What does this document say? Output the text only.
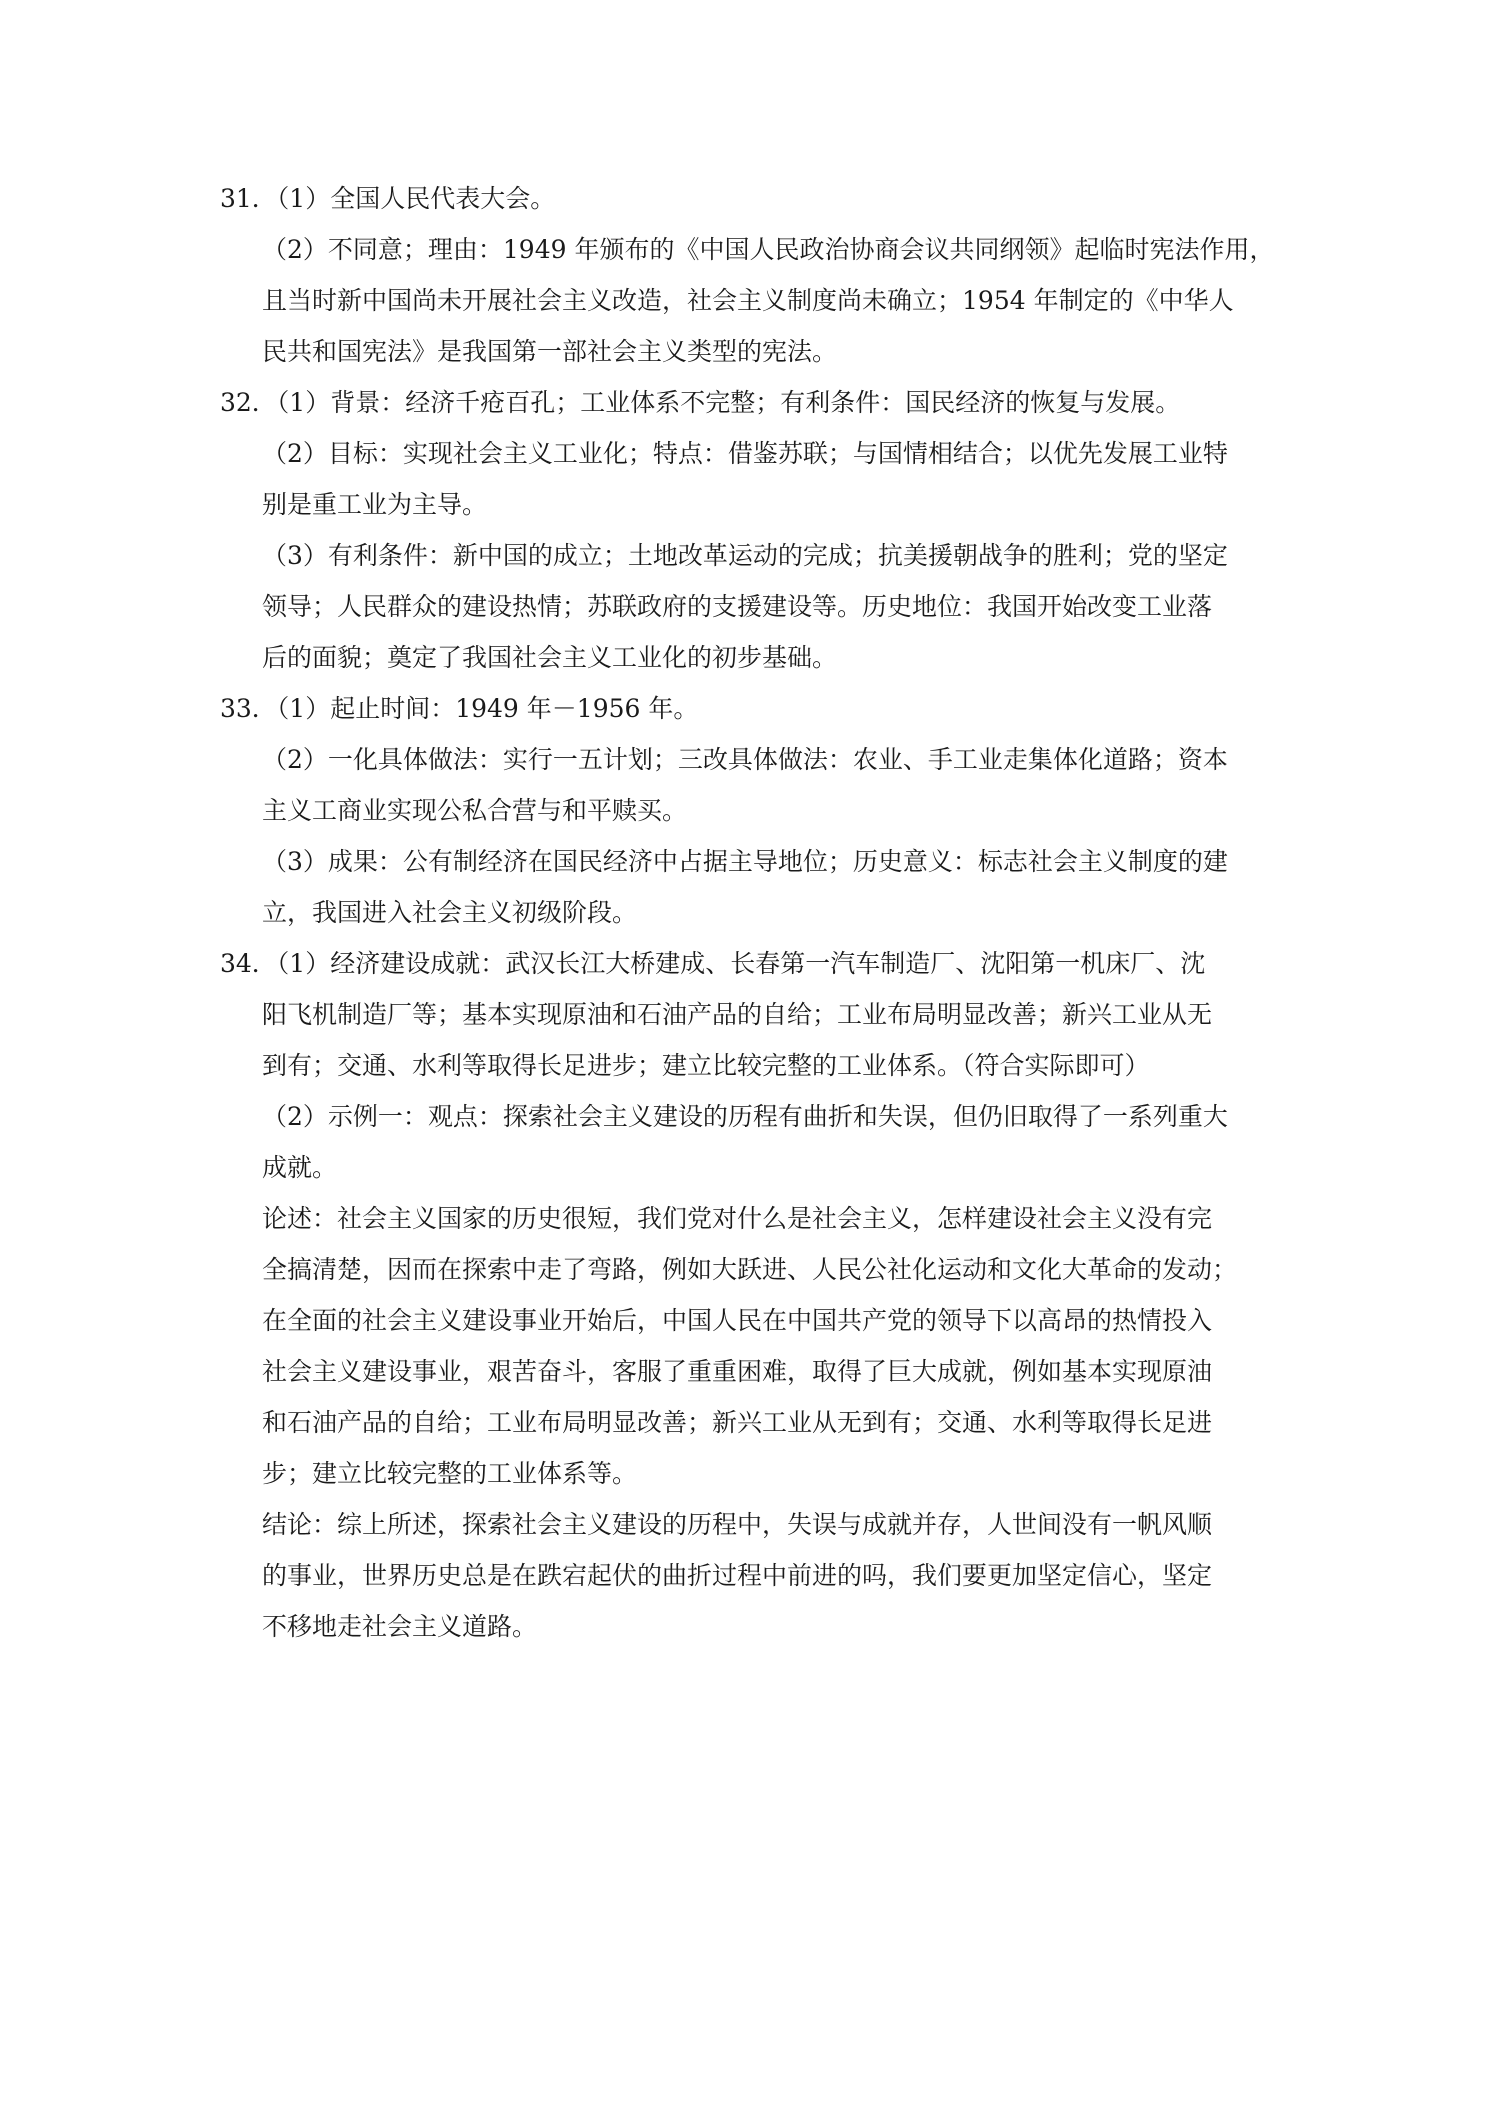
31．（1）全国人民代表大会。
（2）不同意；理由：1949 年颁布的《中国人民政治协商会议共同纲领》起临时宪法作用，
且当时新中国尚未开展社会主义改造，社会主义制度尚未确立；1954 年制定的《中华人
民共和国宪法》是我国第一部社会主义类型的宪法。
32．（1）背景：经济千疮百孔；工业体系不完整；有利条件：国民经济的恢复与发展。
（2）目标：实现社会主义工业化；特点：借鉴苏联；与国情相结合；以优先发展工业特
别是重工业为主导。
（3）有利条件：新中国的成立；土地改革运动的完成；抗美援朝战争的胜利；党的坚定
领导；人民群众的建设热情；苏联政府的支援建设等。历史地位：我国开始改变工业落
后的面貌；奠定了我国社会主义工业化的初步基础。
33．（1）起止时间：1949 年－1956 年。
（2）一化具体做法：实行一五计划；三改具体做法：农业、手工业走集体化道路；资本
主义工商业实现公私合营与和平赎买。
（3）成果：公有制经济在国民经济中占据主导地位；历史意义：标志社会主义制度的建
立，我国进入社会主义初级阶段。
34．（1）经济建设成就：武汉长江大桥建成、长春第一汽车制造厂、沈阳第一机床厂、沈
阳飞机制造厂等；基本实现原油和石油产品的自给；工业布局明显改善；新兴工业从无
到有；交通、水利等取得长足进步；建立比较完整的工业体系。（符合实际即可）
（2）示例一：观点：探索社会主义建设的历程有曲折和失误，但仍旧取得了一系列重大
成就。
论述：社会主义国家的历史很短，我们党对什么是社会主义，怎样建设社会主义没有完
全搞清楚，因而在探索中走了弯路，例如大跃进、人民公社化运动和文化大革命的发动；
在全面的社会主义建设事业开始后，中国人民在中国共产党的领导下以高昂的热情投入
社会主义建设事业，艰苦奋斗，客服了重重困难，取得了巨大成就，例如基本实现原油
和石油产品的自给；工业布局明显改善；新兴工业从无到有；交通、水利等取得长足进
步；建立比较完整的工业体系等。
结论：综上所述，探索社会主义建设的历程中，失误与成就并存，人世间没有一帆风顺
的事业，世界历史总是在跌宕起伏的曲折过程中前进的吗，我们要更加坚定信心，坚定
不移地走社会主义道路。
